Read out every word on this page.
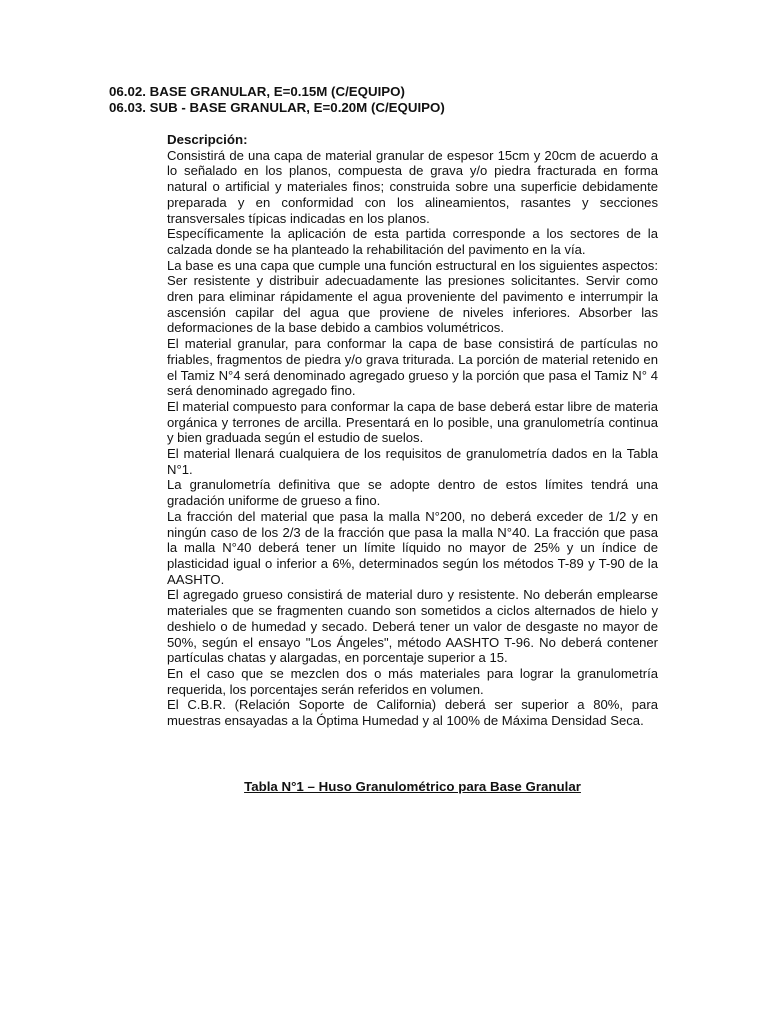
06.02. BASE GRANULAR, E=0.15M (C/EQUIPO)
06.03. SUB - BASE GRANULAR, E=0.20M (C/EQUIPO)
Descripción:

Consistirá de una capa de material granular de espesor 15cm y 20cm de acuerdo a lo señalado en los planos, compuesta de grava y/o piedra fracturada en forma natural o artificial y materiales finos; construida sobre una superficie debidamente preparada y en conformidad con los alineamientos, rasantes y secciones transversales típicas indicadas en los planos.

Específicamente la aplicación de esta partida corresponde a los sectores de la calzada donde se ha planteado la rehabilitación del pavimento en la vía.

La base es una capa que cumple una función estructural en los siguientes aspectos: Ser resistente y distribuir adecuadamente las presiones solicitantes. Servir como dren para eliminar rápidamente el agua proveniente del pavimento e interrumpir la ascensión capilar del agua que proviene de niveles inferiores. Absorber las deformaciones de la base debido a cambios volumétricos.

El material granular, para conformar la capa de base consistirá de partículas no friables, fragmentos de piedra y/o grava triturada. La porción de material retenido en el Tamiz N°4 será denominado agregado grueso y la porción que pasa el Tamiz N° 4 será denominado agregado fino.

El material compuesto para conformar la capa de base deberá estar libre de materia orgánica y terrones de arcilla. Presentará en lo posible, una granulometría continua y bien graduada según el estudio de suelos.

El material llenará cualquiera de los requisitos de granulometría dados en la Tabla N°1.

La granulometría definitiva que se adopte dentro de estos límites tendrá una gradación uniforme de grueso a fino.

La fracción del material que pasa la malla N°200, no deberá exceder de 1/2 y en ningún caso de los 2/3 de la fracción que pasa la malla N°40. La fracción que pasa la malla N°40 deberá tener un límite líquido no mayor de 25% y un índice de plasticidad igual o inferior a 6%, determinados según los métodos T-89 y T-90 de la AASHTO.

El agregado grueso consistirá de material duro y resistente. No deberán emplearse materiales que se fragmenten cuando son sometidos a ciclos alternados de hielo y deshielo o de humedad y secado. Deberá tener un valor de desgaste no mayor de 50%, según el ensayo "Los Ángeles", método AASHTO T-96. No deberá contener partículas chatas y alargadas, en porcentaje superior a 15.

En el caso que se mezclen dos o más materiales para lograr la granulometría requerida, los porcentajes serán referidos en volumen.

El C.B.R. (Relación Soporte de California) deberá ser superior a 80%, para muestras ensayadas a la Óptima Humedad y al 100% de Máxima Densidad Seca.

Tabla N°1 – Huso Granulométrico para Base Granular
